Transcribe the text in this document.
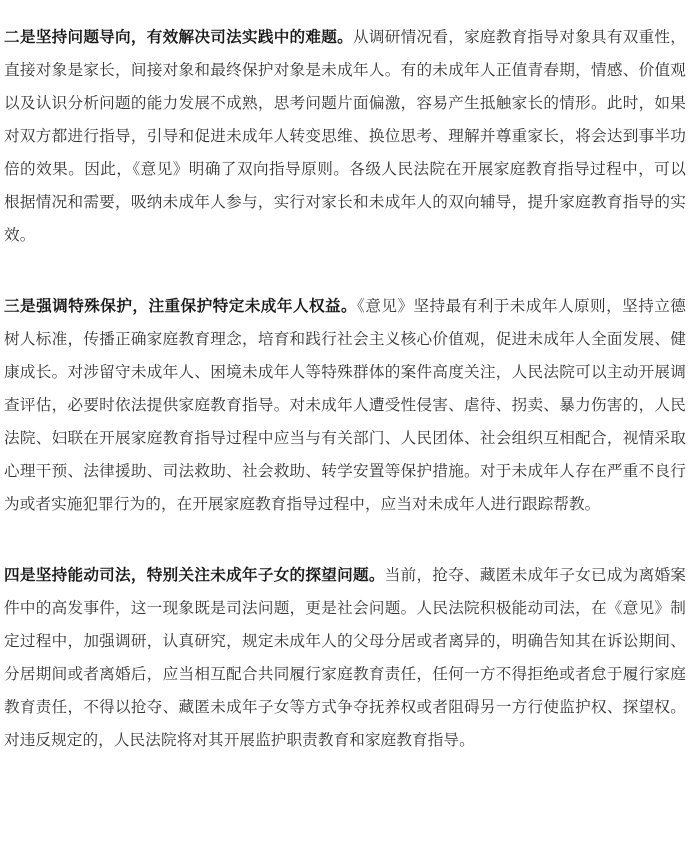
二是坚持问题导向，有效解决司法实践中的难题。从调研情况看，家庭教育指导对象具有双重性，直接对象是家长，间接对象和最终保护对象是未成年人。有的未成年人正值青春期，情感、价值观以及认识分析问题的能力发展不成熟，思考问题片面偏激，容易产生抵触家长的情形。此时，如果对双方都进行指导，引导和促进未成年人转变思维、换位思考、理解并尊重家长，将会达到事半功倍的效果。因此，《意见》明确了双向指导原则。各级人民法院在开展家庭教育指导过程中，可以根据情况和需要，吸纳未成年人参与，实行对家长和未成年人的双向辅导，提升家庭教育指导的实效。

三是强调特殊保护，注重保护特定未成年人权益。《意见》坚持最有利于未成年人原则，坚持立德树人标准，传播正确家庭教育理念，培育和践行社会主义核心价值观，促进未成年人全面发展、健康成长。对涉留守未成年人、困境未成年人等特殊群体的案件高度关注，人民法院可以主动开展调查评估，必要时依法提供家庭教育指导。对未成年人遭受性侵害、虐待、拐卖、暴力伤害的，人民法院、妇联在开展家庭教育指导过程中应当与有关部门、人民团体、社会组织互相配合，视情采取心理干预、法律援助、司法救助、社会救助、转学安置等保护措施。对于未成年人存在严重不良行为或者实施犯罪行为的，在开展家庭教育指导过程中，应当对未成年人进行跟踪帮教。

四是坚持能动司法，特别关注未成年子女的探望问题。当前，抢夺、藏匿未成年子女已成为离婚案件中的高发事件，这一现象既是司法问题，更是社会问题。人民法院积极能动司法，在《意见》制定过程中，加强调研，认真研究，规定未成年人的父母分居或者离异的，明确告知其在诉讼期间、分居期间或者离婚后，应当相互配合共同履行家庭教育责任，任何一方不得拒绝或者怠于履行家庭教育责任，不得以抢夺、藏匿未成年子女等方式争夺抚养权或者阻碍另一方行使监护权、探望权。对违反规定的，人民法院将对其开展监护职责教育和家庭教育指导。
